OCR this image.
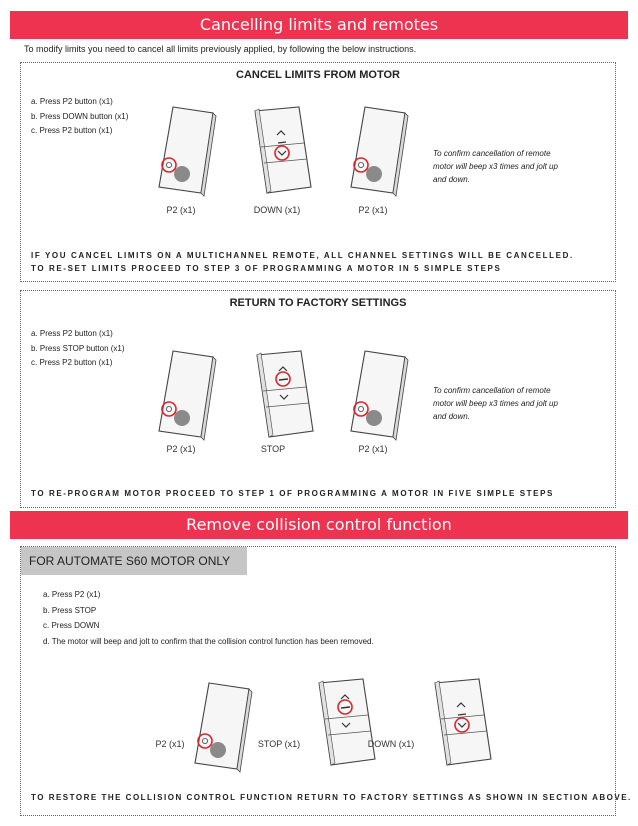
Cancelling limits and remotes
To modify limits you need to cancel all limits previously applied, by following the below instructions.
CANCEL LIMITS FROM MOTOR
a. Press P2 button (x1)
b. Press DOWN button (x1)
c. Press P2 button (x1)
P2 (x1)	DOWN (x1)	P2 (x1)
To confirm cancellation of remote motor will beep x3 times and jolt up and down.
IF YOU CANCEL LIMITS ON A MULTICHANNEL REMOTE, ALL CHANNEL SETTINGS WILL BE CANCELLED.
TO RE-SET LIMITS PROCEED TO STEP 3 OF PROGRAMMING A MOTOR IN 5 SIMPLE STEPS
RETURN TO FACTORY SETTINGS
a. Press P2 button (x1)
b. Press STOP button (x1)
c. Press P2 button (x1)
P2 (x1)	STOP	P2 (x1)
To confirm cancellation of remote motor will beep x3 times and jolt up and down.
TO RE-PROGRAM MOTOR PROCEED TO STEP 1 OF PROGRAMMING A MOTOR IN FIVE SIMPLE STEPS
Remove collision control function
FOR AUTOMATE S60 MOTOR ONLY
a. Press P2 (x1)
b. Press STOP
c. Press DOWN
d. The motor will beep and jolt to confirm that the collision control function has been removed.
P2 (x1)	STOP (x1)	DOWN (x1)
TO RESTORE THE COLLISION CONTROL FUNCTION RETURN TO FACTORY SETTINGS AS SHOWN IN SECTION ABOVE.
